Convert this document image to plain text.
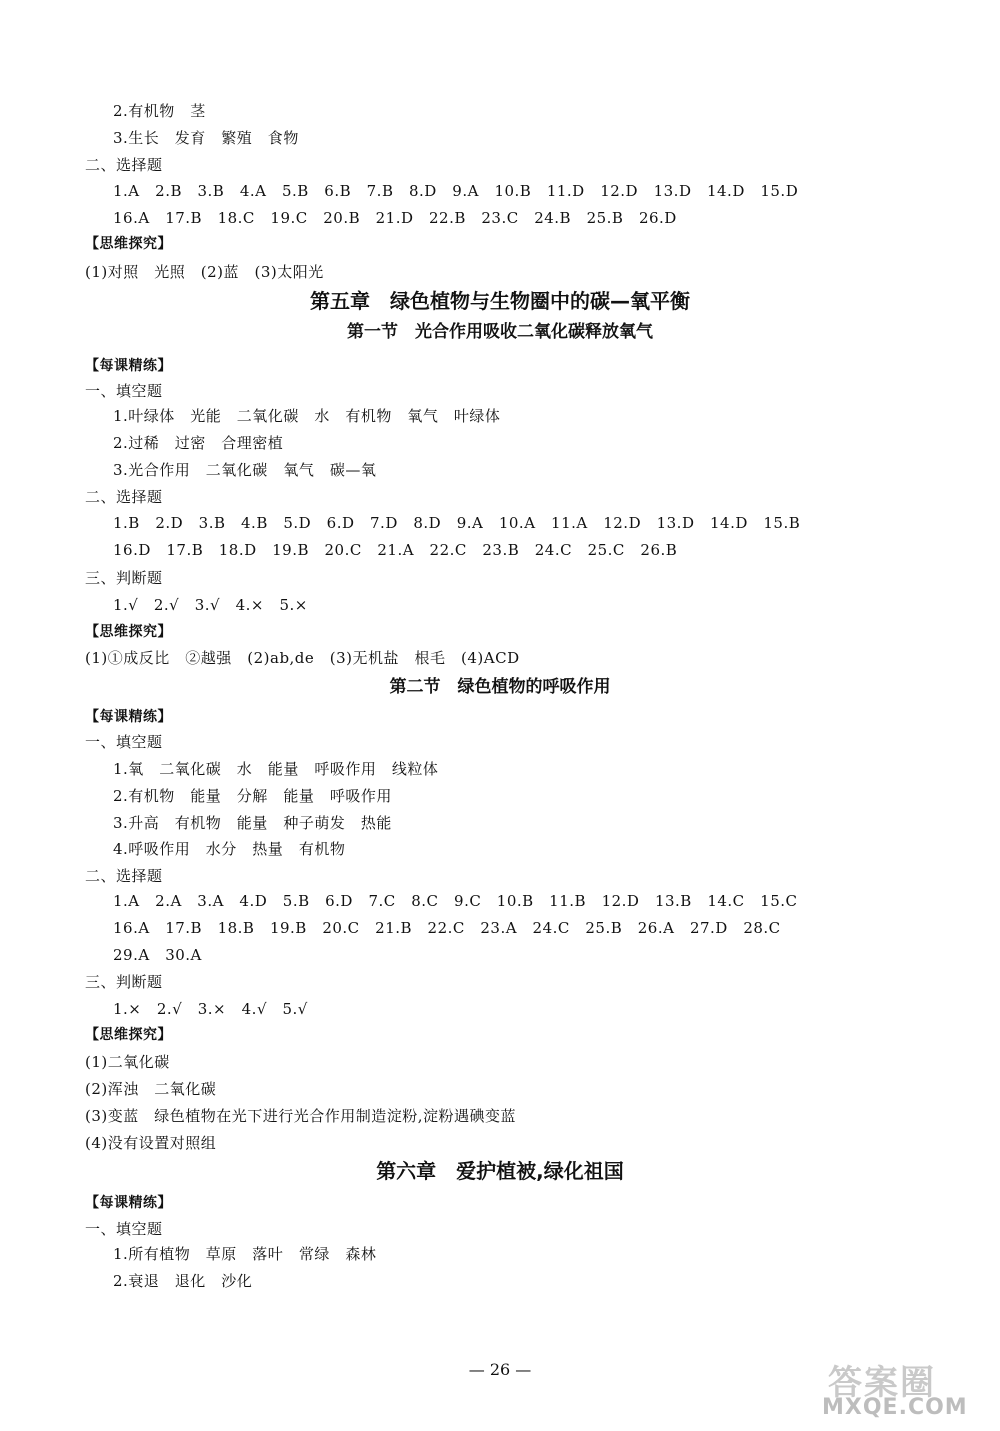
2.有机物　茎
3.生长　发育　繁殖　食物
二、选择题
1.A　2.B　3.B　4.A　5.B　6.B　7.B　8.D　9.A　10.B　11.D　12.D　13.D　14.D　15.D
16.A　17.B　18.C　19.C　20.B　21.D　22.B　23.C　24.B　25.B　26.D
【思维探究】
(1)对照　光照　(2)蓝　(3)太阳光
第五章　绿色植物与生物圈中的碳—氧平衡
第一节　光合作用吸收二氧化碳释放氧气
【每课精练】
一、填空题
1.叶绿体　光能　二氧化碳　水　有机物　氧气　叶绿体
2.过稀　过密　合理密植
3.光合作用　二氧化碳　氧气　碳—氧
二、选择题
1.B　2.D　3.B　4.B　5.D　6.D　7.D　8.D　9.A　10.A　11.A　12.D　13.D　14.D　15.B
16.D　17.B　18.D　19.B　20.C　21.A　22.C　23.B　24.C　25.C　26.B
三、判断题
1.√　2.√　3.√　4.×　5.×
【思维探究】
(1)①成反比　②越强　(2)ab,de　(3)无机盐　根毛　(4)ACD
第二节　绿色植物的呼吸作用
【每课精练】
一、填空题
1.氧　二氧化碳　水　能量　呼吸作用　线粒体
2.有机物　能量　分解　能量　呼吸作用
3.升高　有机物　能量　种子萌发　热能
4.呼吸作用　水分　热量　有机物
二、选择题
1.A　2.A　3.A　4.D　5.B　6.D　7.C　8.C　9.C　10.B　11.B　12.D　13.B　14.C　15.C
16.A　17.B　18.B　19.B　20.C　21.B　22.C　23.A　24.C　25.B　26.A　27.D　28.C
29.A　30.A
三、判断题
1.×　2.√　3.×　4.√　5.√
【思维探究】
(1)二氧化碳
(2)浑浊　二氧化碳
(3)变蓝　绿色植物在光下进行光合作用制造淀粉,淀粉遇碘变蓝
(4)没有设置对照组
第六章　爱护植被,绿化祖国
【每课精练】
一、填空题
1.所有植物　草原　落叶　常绿　森林
2.衰退　退化　沙化
— 26 —	答案圈
MXQE.COM
